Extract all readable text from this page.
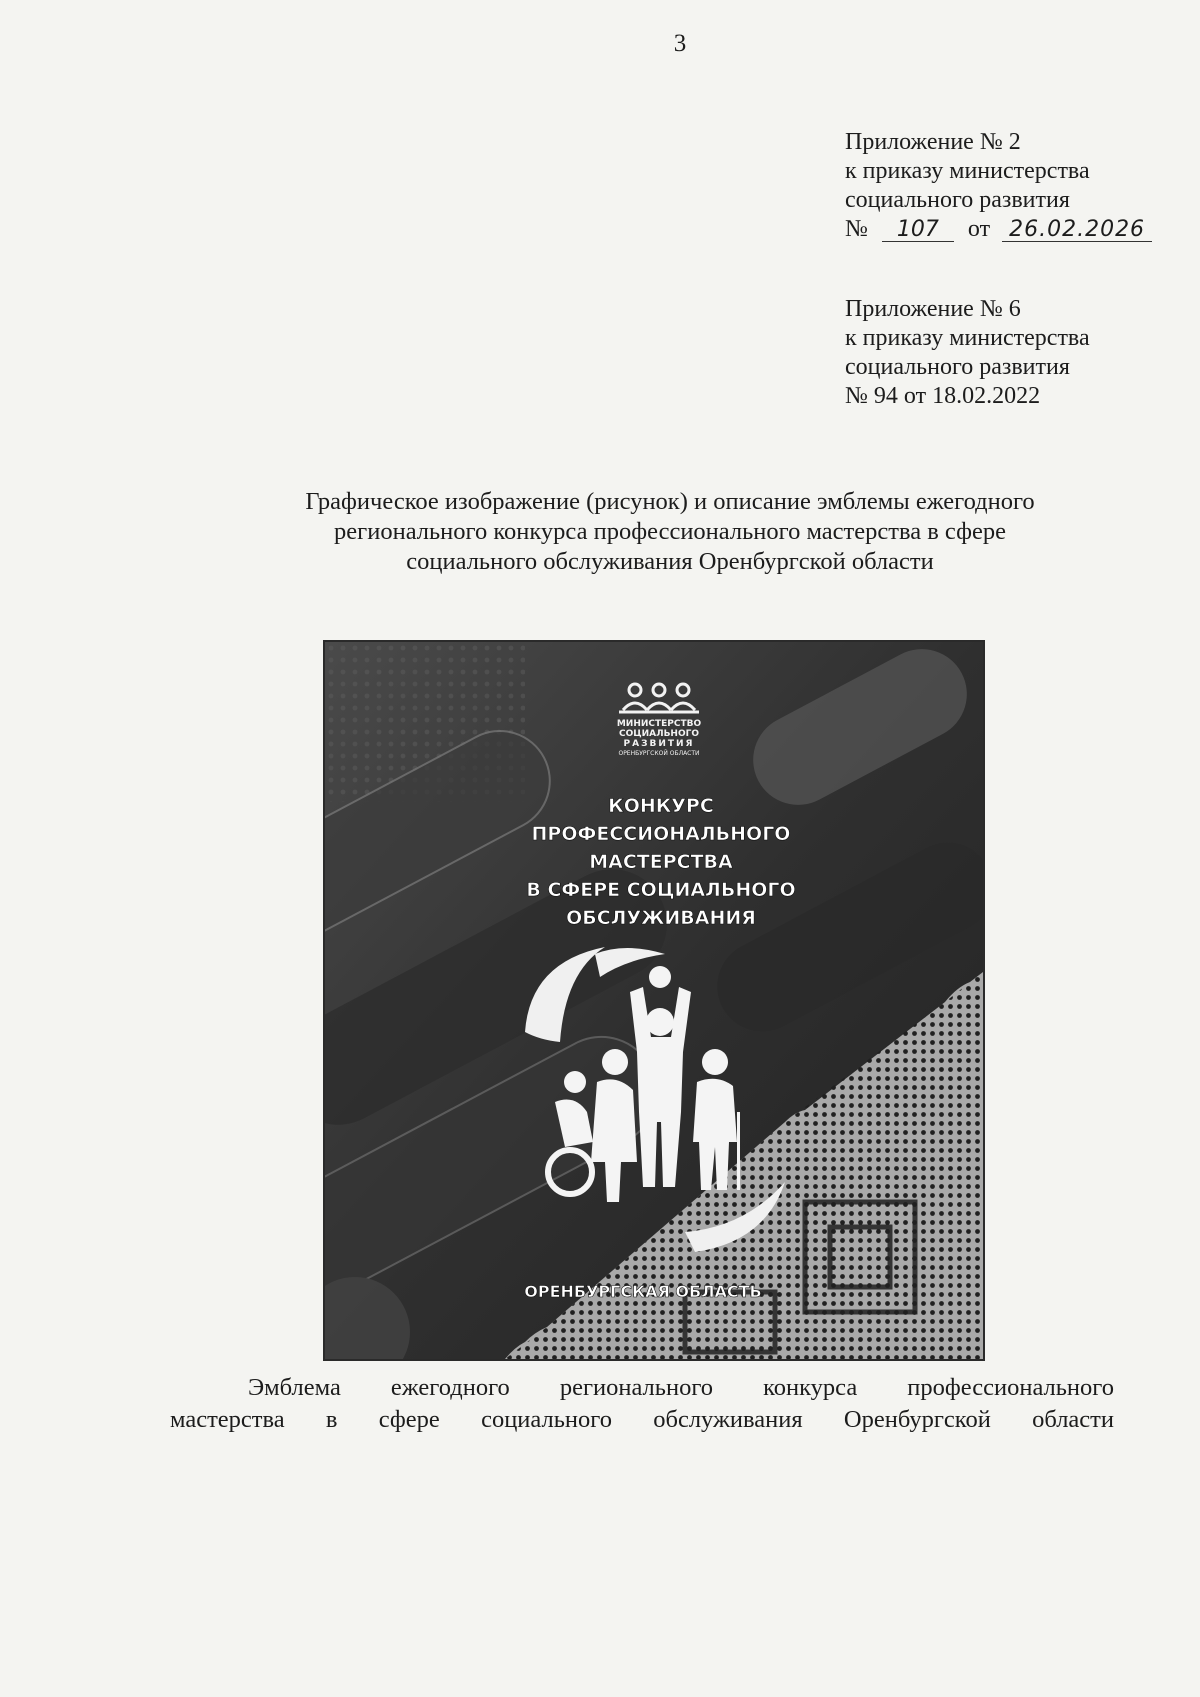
3
Приложение № 2
к приказу министерства
социального развития
№ 107 от 26.02.2026
Приложение № 6
к приказу министерства
социального развития
№ 94 от 18.02.2022
Графическое изображение (рисунок) и описание эмблемы ежегодного
регионального конкурса профессионального мастерства в сфере
социального обслуживания Оренбургской области
МИНИСТЕРСТВО
СОЦИАЛЬНОГО
РАЗВИТИЯ
ОРЕНБУРГСКОЙ ОБЛАСТИ
КОНКУРС
ПРОФЕССИОНАЛЬНОГО
МАСТЕРСТВА
В СФЕРЕ СОЦИАЛЬНОГО
ОБСЛУЖИВАНИЯ
ОРЕНБУРГСКАЯ ОБЛАСТЬ
Эмблема ежегодного регионального конкурса профессионального
мастерства в сфере социального обслуживания Оренбургской области
